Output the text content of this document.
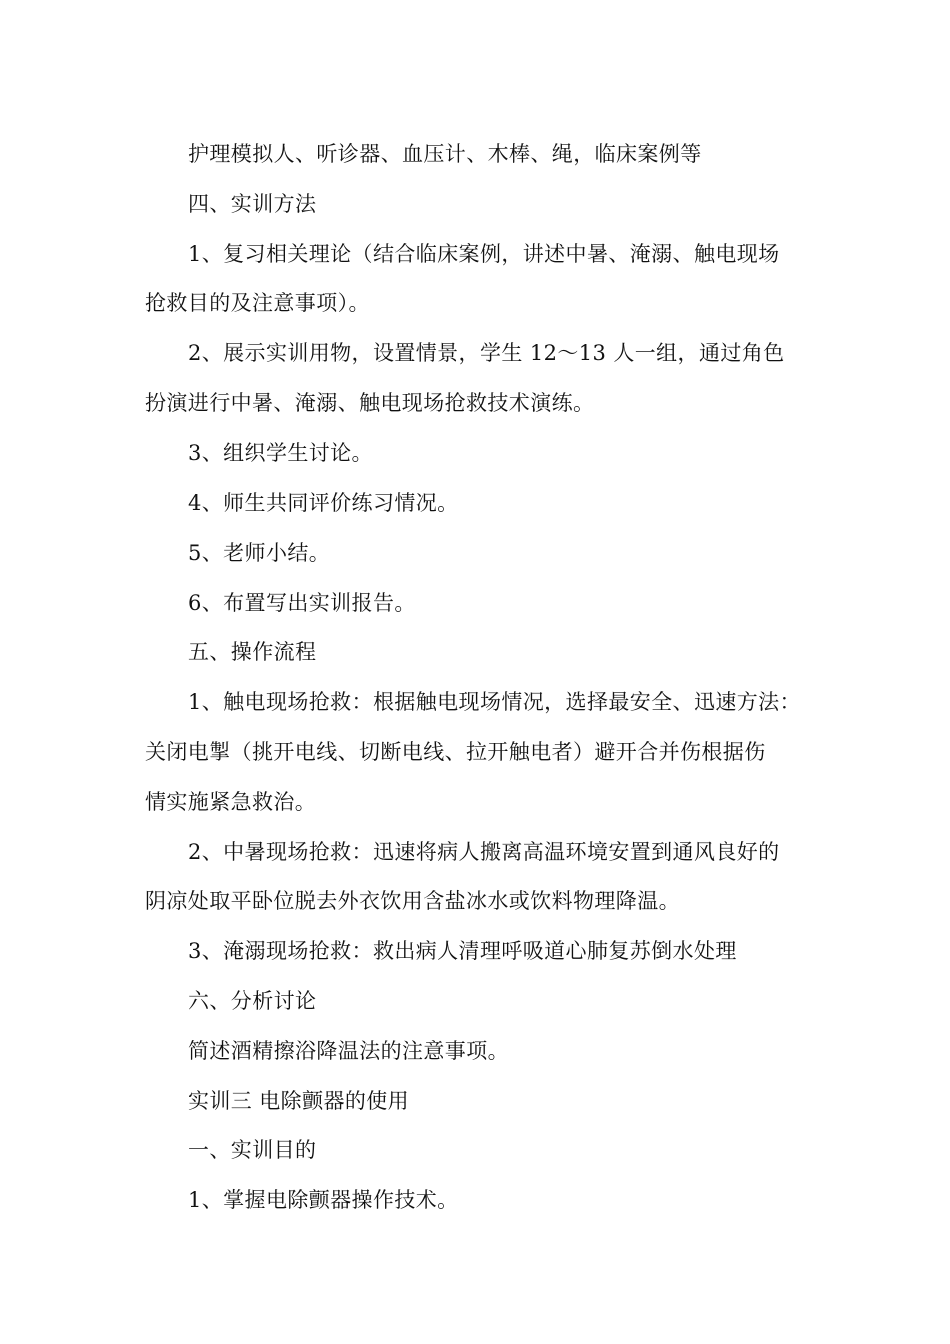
护理模拟人、听诊器、血压计、木棒、绳，临床案例等

四、实训方法

1、复习相关理论（结合临床案例，讲述中暑、淹溺、触电现场

抢救目的及注意事项）。

2、展示实训用物，设置情景，学生 12～13 人一组，通过角色

扮演进行中暑、淹溺、触电现场抢救技术演练。

3、组织学生讨论。

4、师生共同评价练习情况。

5、老师小结。

6、布置写出实训报告。

五、操作流程

1、触电现场抢救：根据触电现场情况，选择最安全、迅速方法：

关闭电掣（挑开电线、切断电线、拉开触电者）避开合并伤根据伤

情实施紧急救治。

2、中暑现场抢救：迅速将病人搬离高温环境安置到通风良好的

阴凉处取平卧位脱去外衣饮用含盐冰水或饮料物理降温。

3、淹溺现场抢救：救出病人清理呼吸道心肺复苏倒水处理

六、分析讨论

简述酒精擦浴降温法的注意事项。

实训三 电除颤器的使用

一、实训目的

1、掌握电除颤器操作技术。
